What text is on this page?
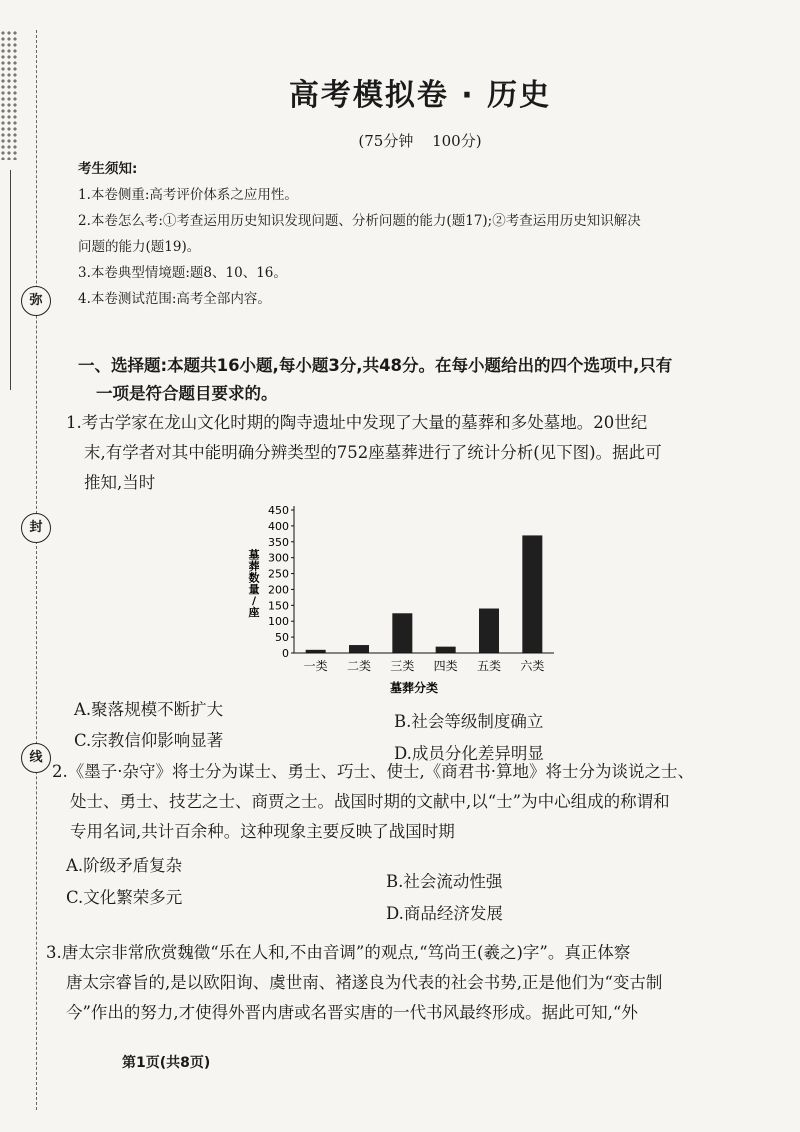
弥
封
线
高考模拟卷 · 历史
(75分钟 100分)
考生须知:
1.本卷侧重:高考评价体系之应用性。
2.本卷怎么考:①考查运用历史知识发现问题、分析问题的能力(题17);②考查运用历史知识解决
问题的能力(题19)。
3.本卷典型情境题:题8、10、16。
4.本卷测试范围:高考全部内容。
一、选择题:本题共16小题,每小题3分,共48分。在每小题给出的四个选项中,只有
一项是符合题目要求的。
1.考古学家在龙山文化时期的陶寺遗址中发现了大量的墓葬和多处墓地。20世纪
末,有学者对其中能明确分辨类型的752座墓葬进行了统计分析(见下图)。据此可
推知,当时
墓葬数量/座
0
50
100
150
200
250
300
350
400
450
一类 二类 三类 四类 五类 六类
墓葬分类
A.聚落规模不断扩大
B.社会等级制度确立
C.宗教信仰影响显著
D.成员分化差异明显
2.《墨子·杂守》将士分为谋士、勇士、巧士、使士,《商君书·算地》将士分为谈说之士、
处士、勇士、技艺之士、商贾之士。战国时期的文献中,以“士”为中心组成的称谓和
专用名词,共计百余种。这种现象主要反映了战国时期
A.阶级矛盾复杂
B.社会流动性强
C.文化繁荣多元
D.商品经济发展
3.唐太宗非常欣赏魏徵“乐在人和,不由音调”的观点,“笃尚王(羲之)字”。真正体察
唐太宗睿旨的,是以欧阳询、虞世南、褚遂良为代表的社会书势,正是他们为“变古制
今”作出的努力,才使得外晋内唐或名晋实唐的一代书风最终形成。据此可知,“外
第1页(共8页)
